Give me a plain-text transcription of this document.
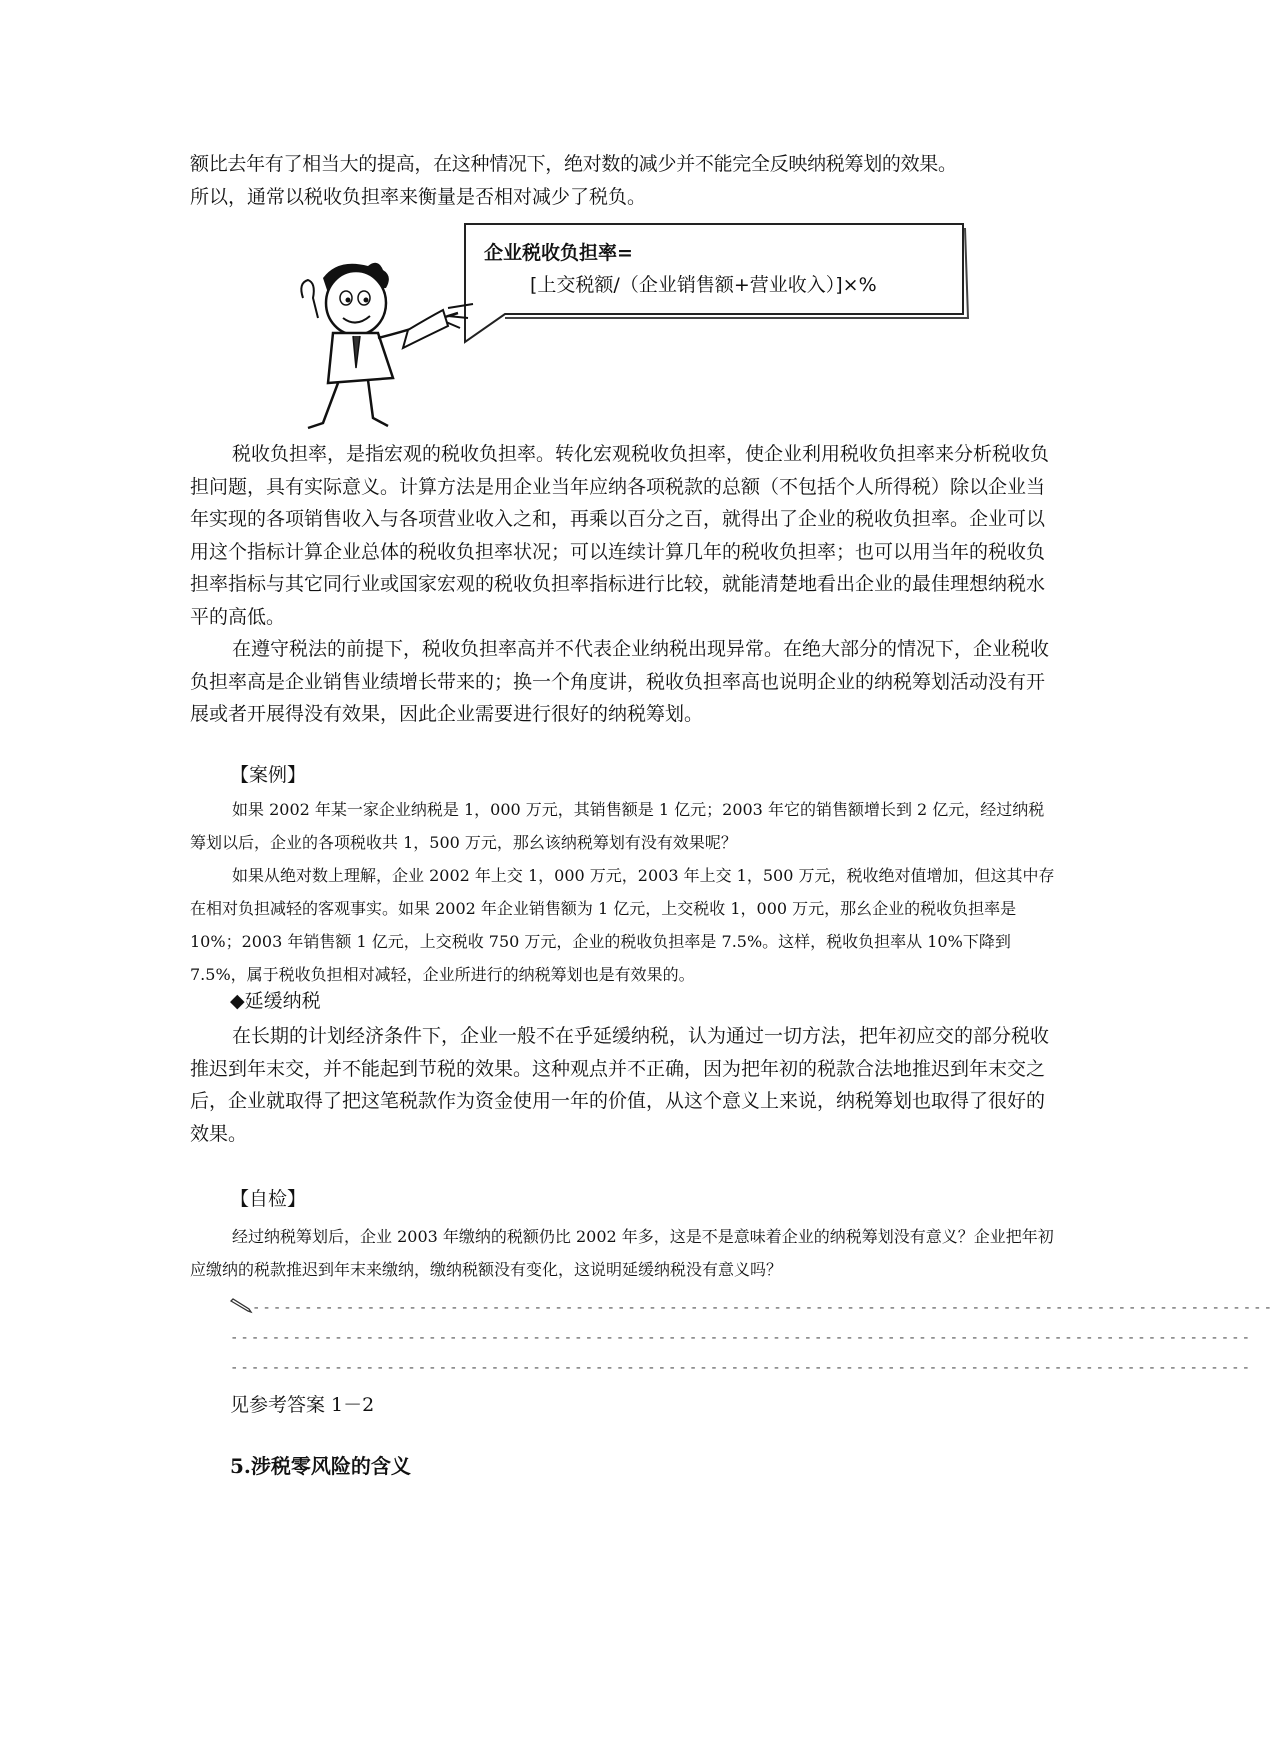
额比去年有了相当大的提高，在这种情况下，绝对数的减少并不能完全反映纳税筹划的效果。

所以，通常以税收负担率来衡量是否相对减少了税负。

企业税收负担率=
[上交税额/（企业销售额+营业收入）]×%

税收负担率，是指宏观的税收负担率。转化宏观税收负担率，使企业利用税收负担率来分析税收负担问题，具有实际意义。计算方法是用企业当年应纳各项税款的总额（不包括个人所得税）除以企业当年实现的各项销售收入与各项营业收入之和，再乘以百分之百，就得出了企业的税收负担率。企业可以用这个指标计算企业总体的税收负担率状况；可以连续计算几年的税收负担率；也可以用当年的税收负担率指标与其它同行业或国家宏观的税收负担率指标进行比较，就能清楚地看出企业的最佳理想纳税水平的高低。

在遵守税法的前提下，税收负担率高并不代表企业纳税出现异常。在绝大部分的情况下，企业税收负担率高是企业销售业绩增长带来的；换一个角度讲，税收负担率高也说明企业的纳税筹划活动没有开展或者开展得没有效果，因此企业需要进行很好的纳税筹划。

【案例】

如果 2002 年某一家企业纳税是 1，000 万元，其销售额是 1 亿元；2003 年它的销售额增长到 2 亿元，经过纳税筹划以后，企业的各项税收共 1，500 万元，那幺该纳税筹划有没有效果呢？

如果从绝对数上理解，企业 2002 年上交 1，000 万元，2003 年上交 1，500 万元，税收绝对值增加，但这其中存在相对负担减轻的客观事实。如果 2002 年企业销售额为 1 亿元，上交税收 1，000 万元，那幺企业的税收负担率是 10%；2003 年销售额 1 亿元，上交税收 750 万元，企业的税收负担率是 7.5%。这样，税收负担率从 10%下降到 7.5%，属于税收负担相对减轻，企业所进行的纳税筹划也是有效果的。

◆延缓纳税

在长期的计划经济条件下，企业一般不在乎延缓纳税，认为通过一切方法，把年初应交的部分税收推迟到年末交，并不能起到节税的效果。这种观点并不正确，因为把年初的税款合法地推迟到年末交之后，企业就取得了把这笔税款作为资金使用一年的价值，从这个意义上来说，纳税筹划也取得了很好的效果。

【自检】

经过纳税筹划后，企业 2003 年缴纳的税额仍比 2002 年多，这是不是意味着企业的纳税筹划没有意义？企业把年初应缴纳的税款推迟到年末来缴纳，缴纳税额没有变化，这说明延缓纳税没有意义吗？

--------------------------------------------------------------------------------------------------
--------------------------------------------------------------------------------------------------
--------------------------------------------------------------------------------------------------
见参考答案 1－2
5.涉税零风险的含义
